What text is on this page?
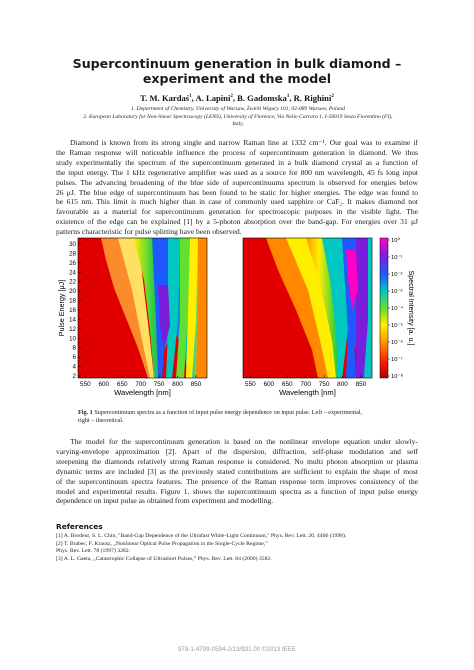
Supercontinuum generation in bulk diamond –
experiment and the model
T. M. Kardaś$^1$, A. Lapini$^2$, B. Gadomska$^1$, R. Righini$^2$
1. Department of Chemistry, University of Warsaw, Żwirki Wigury 101, 02-089 Warsaw, Poland
2. European Laboratory for Non-linear Spectroscopy (LENS), University of Florence, Via Nello Carrara 1, I-50019 Sesto Fiorentino (FI),
Italy,
Diamond is known from its strong single and narrow Raman line at 1332 cm⁻¹. Our goal was to examine if
the Raman response will noticeable influence the process of supercontinuum generation in diamond. We thus
study experimentally the spectrum of the supercontinuum generated in a bulk diamond crystal as a function of
the input energy. The 1 kHz regenerative amplifier was used as a source for 800 nm wavelength, 45 fs long input
pulses. The advancing broadening of the blue side of supercontinuums spectrum is observed for energies below
26 μJ. The blue edge of supercontinuum has been found to be static for higher energies. The edge was found to
be 615 nm. This limit is much higher than in case of commonly used sapphire or CaF₂. It makes diamond not
favourable as a material for supercontinuum generation for spectroscopic purposes in the visible light. The
existence of the edge can be explained [1] by a 5-photon absorption over the band-gap. For energies over 31 μJ
patterns characteristic for pulse splitting have been observed.
Pulse Energy [μJ]
Wavelength [nm]	Wavelength [nm]
Spectral Intensity [a. u.]
30
28
26
24
22
20
18
16
14
12
10
8
6
4
2
550	650	750	850
600	700	800	550	650	750	850
600	700	800
10⁰
10⁻¹
10⁻²
10⁻³
10⁻⁴
10⁻⁵
10⁻⁶
10⁻⁷
10⁻⁸
Fig. 1 Supercontinuum spectra as a function of input pulse energy dependence on input pulse. Left – experimental,
right – theoretical.
The model for the supercontinuum generation is based on the nonlinear envelope equation under slowly-
varying-envelope approximation [2]. Apart of the dispersion, diffraction, self-phase modulation and self
steepening the diamonds relatively strong Raman response is considered. No multi photon absorption or plasma
dynamic terms are included [3] as the previously stated contributions are sufficient to explain the shape of most
of the supercontinuum spectra features. The presence of the Raman response term improves consistency of the
model and experimental results. Figure 1. shows the supercontinuum spectra as a function of input pulse energy
dependence on input pulse as obtained from experiment and modelling.
References
[1] A. Brodeur, S. L. Chin, "Band-Gap Dependence of the Ultrafast White-Light Continuum," Phys. Rev. Lett. 20, 4406 (1998).
[2] T. Brabec, F. Krausz, „Nonlinear Optical Pulse Propagation in the Single-Cycle Regime,”
Phys. Rev. Lett. 78 (1997) 3282.
[3] A. L. Gaeta, „Catastrophic Collapse of Ultrashort Pulses,” Phys. Rev. Lett. 84 (2000) 3582.
978-1-4799-0594-2/13/$31.00 ©2013 IEEE
